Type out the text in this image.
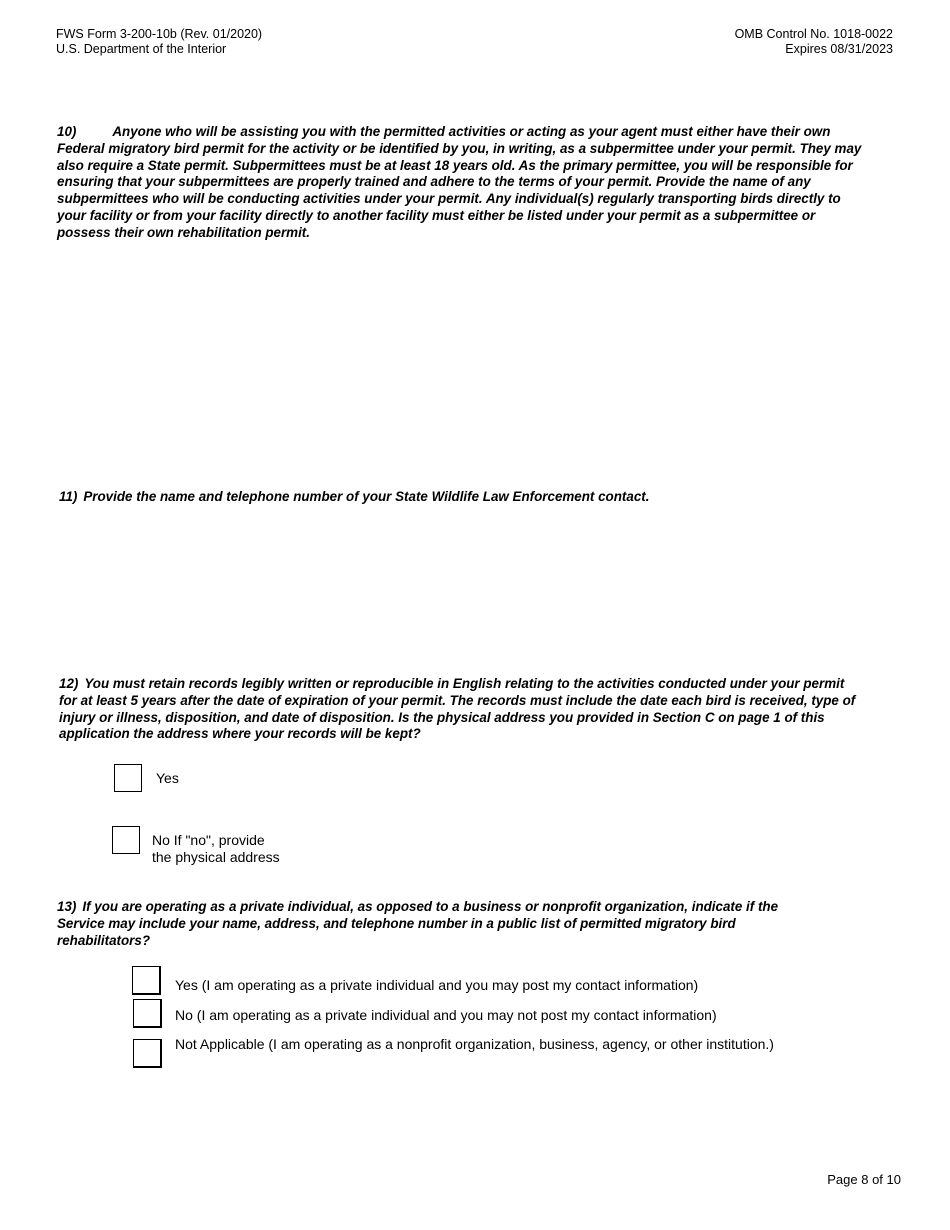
FWS Form 3-200-10b (Rev. 01/2020)
U.S. Department of the Interior
OMB Control No. 1018-0022
Expires 08/31/2023
10)	Anyone who will be assisting you with the permitted activities or acting as your agent must either have their own Federal migratory bird permit for the activity or be identified by you, in writing, as a subpermittee under your permit. They may also require a State permit. Subpermittees must be at least 18 years old. As the primary permittee, you will be responsible for ensuring that your subpermittees are properly trained and adhere to the terms of your permit. Provide the name of any subpermittees who will be conducting activities under your permit. Any individual(s) regularly transporting birds directly to your facility or from your facility directly to another facility must either be listed under your permit as a subpermittee or possess their own rehabilitation permit.
11) Provide the name and telephone number of your State Wildlife Law Enforcement contact.
12) You must retain records legibly written or reproducible in English relating to the activities conducted under your permit for at least 5 years after the date of expiration of your permit. The records must include the date each bird is received, type of injury or illness, disposition, and date of disposition. Is the physical address you provided in Section C on page 1 of this application the address where your records will be kept?
Yes
No If "no", provide
the physical address
13) If you are operating as a private individual, as opposed to a business or nonprofit organization, indicate if the Service may include your name, address, and telephone number in a public list of permitted migratory bird rehabilitators?
Yes (I am operating as a private individual and you may post my contact information)
No (I am operating as a private individual and you may not post my contact information)
Not Applicable (I am operating as a nonprofit organization, business, agency, or other institution.)
Page 8 of 10
